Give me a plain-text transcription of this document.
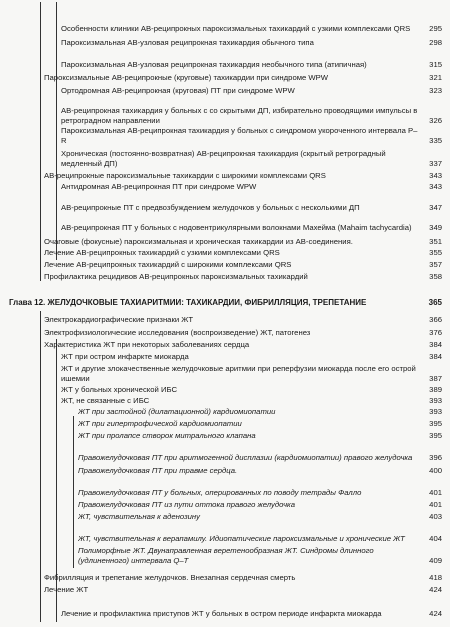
Особенности клиники АВ-реципрокных пароксизмальных тахикардий с узкими комплексами QRS	295
Пароксизмальная АВ-узловая реципрокная тахикардия обычного типа	298
Пароксизмальная АВ-узловая реципрокная тахикардия необычного типа (атипичная)	315
Пароксизмальные АВ-реципрокные (круговые) тахикардии при синдроме WPW	321
Ортодромная АВ-реципрокная (круговая) ПТ при синдроме WPW	323
АВ-реципрокная тахикардия у больных с со скрытыми ДП, избирательно проводящими импульсы в ретроградном направлении	326
Пароксизмальная АВ-реципрокная тахикардия у больных с синдромом укороченного интервала P–R	335
Хроническая (постоянно-возвратная) АВ-реципрокная тахикардия (скрытый ретроградный медленный ДП)	337
АВ-реципрокные пароксизмальные тахикардии с широкими комплексами QRS	343
Антидромная АВ-реципрокная ПТ при синдроме WPW	343
АВ-реципрокные ПТ с предвозбуждением желудочков у больных с несколькими ДП	347
АВ-реципрокная ПТ у больных с нодовентрикулярными волокнами Махейма (Mahaim tachycardia)	349
Очаговые (фокусные) пароксизмальная и хроническая тахикардии из АВ-соединения.	351
Лечение АВ-реципрокных тахикардий с узкими комплексами QRS	355
Лечение АВ-реципрокных тахикардий с широкими комплексами QRS	357
Профилактика рецидивов АВ-реципрокных пароксизмальных тахикардий	358
Глава 12. ЖЕЛУДОЧКОВЫЕ ТАХИАРИТМИИ: ТАХИКАРДИИ, ФИБРИЛЛЯЦИЯ, ТРЕПЕТАНИЕ	365
Электрокардиографические признаки ЖТ	366
Электрофизиологические исследования (воспроизведение) ЖТ, патогенез	376
Характеристика ЖТ при некоторых заболеваниях сердца	384
ЖТ при остром инфаркте миокарда	384
ЖТ и другие злокачественные желудочковые аритмии при реперфузии миокарда после его острой ишемии	387
ЖТ у больных хронической ИБС	389
ЖТ, не связанные с ИБС	393
ЖТ при застойной (дилатационной) кардиомиопатии	393
ЖТ при гипертрофической кардиомиопатии	395
ЖТ при пролапсе створок митрального клапана	395
Правожелудочковая ПТ при аритмогенной дисплазии (кардиомиопатии) правого желудочка	396
Правожелудочковая ПТ при травме сердца.	400
Правожелудочковая ПТ у больных, оперированных по поводу тетрады Фалло	401
Правожелудочковая ПТ из пути оттока правого желудочка	401
ЖТ, чувствительная к аденозину	403
ЖТ, чувствительная к верапамилу. Идиопатические пароксизмальные и хронические ЖТ	404
Полиморфные ЖТ. Двунаправленная веретенообразная ЖТ. Синдромы длинного (удлиненного) интервала Q–T	409
Фибрилляция и трепетание желудочков. Внезапная сердечная смерть	418
Лечение ЖТ	424
Лечение и профилактика приступов ЖТ у больных в остром периоде инфаркта миокарда	424
